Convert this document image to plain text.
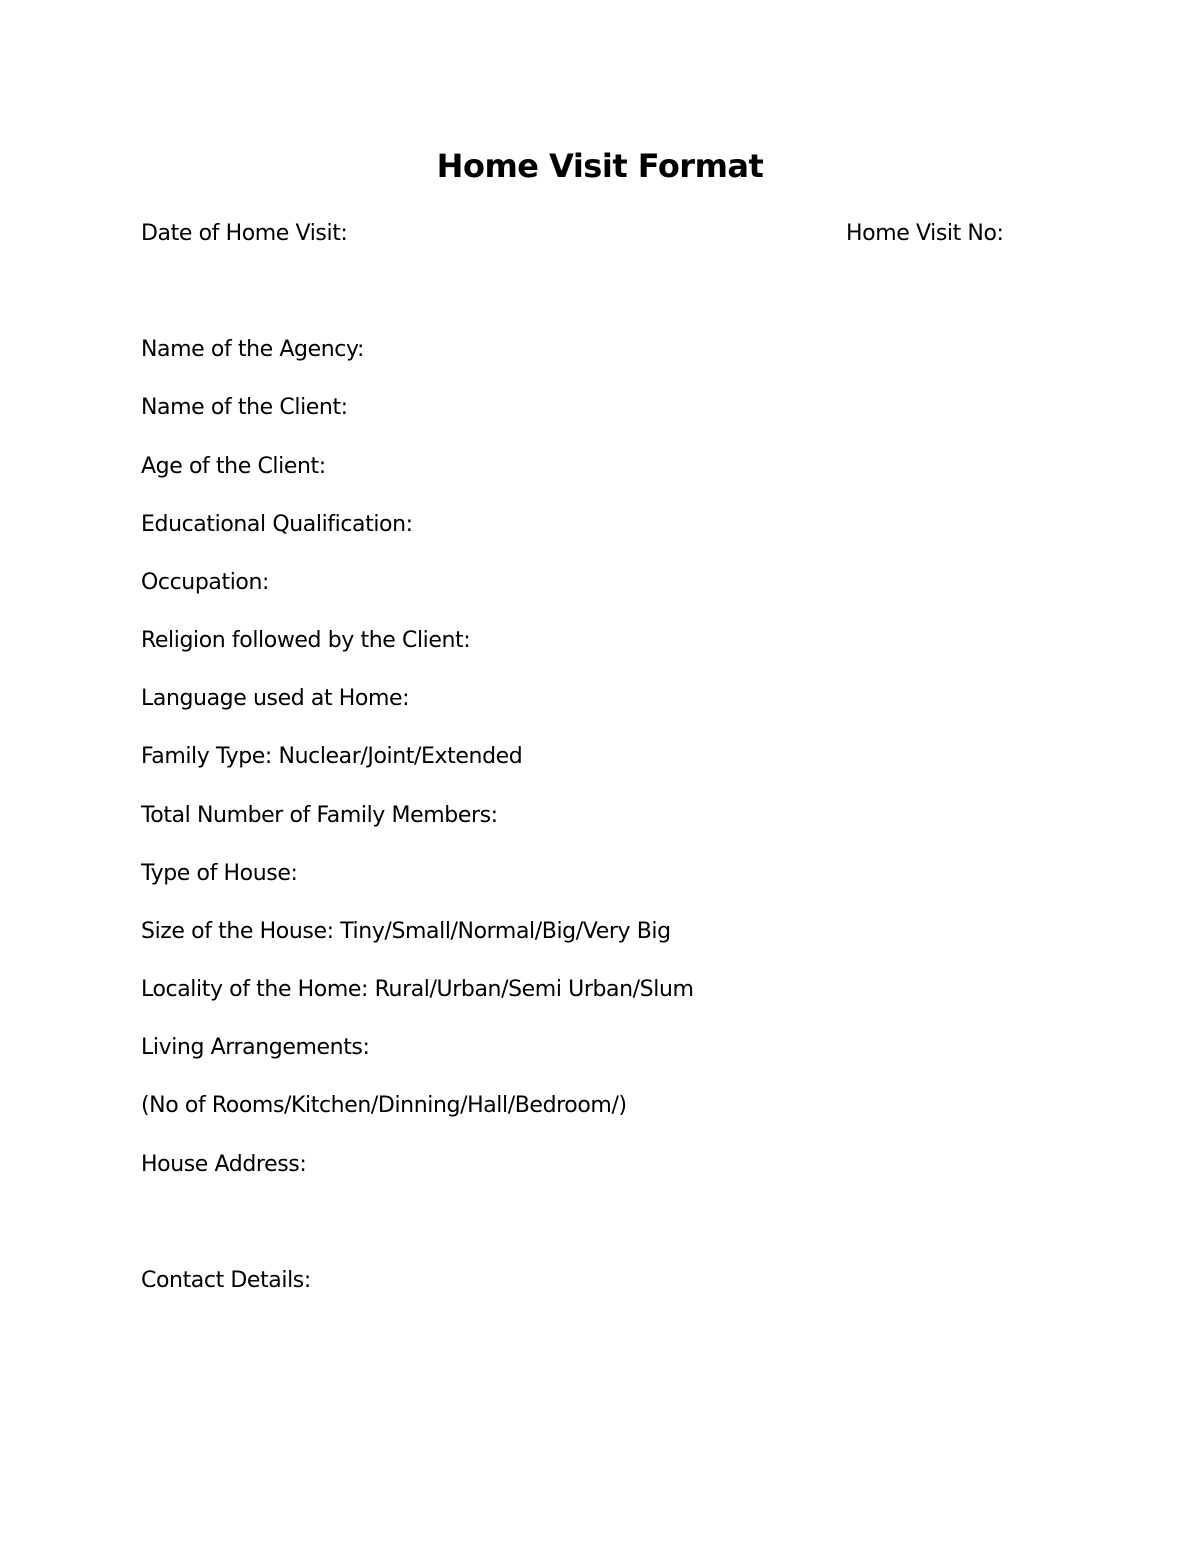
Home Visit Format
Date of Home Visit:	Home Visit No:
Name of the Agency:
Name of the Client:
Age of the Client:
Educational Qualification:
Occupation:
Religion followed by the Client:
Language used at Home:
Family Type: Nuclear/Joint/Extended
Total Number of Family Members:
Type of House:
Size of the House: Tiny/Small/Normal/Big/Very Big
Locality of the Home: Rural/Urban/Semi Urban/Slum
Living Arrangements:
(No of Rooms/Kitchen/Dinning/Hall/Bedroom/)
House Address:
Contact Details:
